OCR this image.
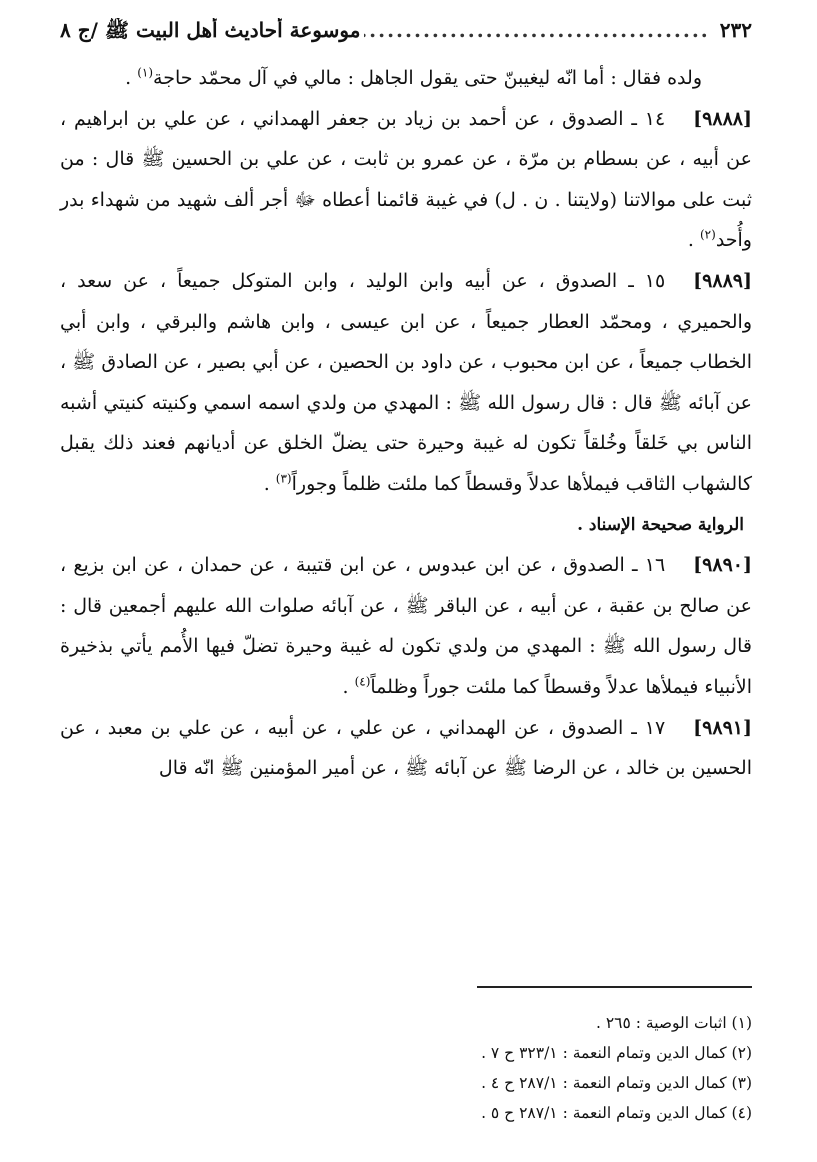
٢٣٢
.....
موسوعة أحاديث أهل البيت ﷺ /ج ٨

ولده فقال : أما انّه ليغيبنّ حتى يقول الجاهل : مالي في آل محمّد حاجة$^{(١)}$ .

[٩٨٨٨]١٤ ـ الصدوق ، عن أحمد بن زياد بن جعفر الهمداني ، عن علي بن ابراهيم ، عن أبيه ، عن بسطام بن مرّة ، عن عمرو بن ثابت ، عن علي بن الحسين ﷺ قال : من ثبت على موالاتنا (ولايتنا . ن . ل) في غيبة قائمنا أعطاه ﷻ أجر ألف شهيد من شهداء بدر وأُحد$^{(٢)}$ .

[٩٨٨٩]١٥ ـ الصدوق ، عن أبيه وابن الوليد ، وابن المتوكل جميعاً ، عن سعد ، والحميري ، ومحمّد العطار جميعاً ، عن ابن عيسى ، وابن هاشم والبرقي ، وابن أبي الخطاب جميعاً ، عن ابن محبوب ، عن داود بن الحصين ، عن أبي بصير ، عن الصادق ﷺ ، عن آبائه ﷺ قال : قال رسول الله ﷺ : المهدي من ولدي اسمه اسمي وكنيته كنيتي أشبه الناس بي خَلقاً وخُلقاً تكون له غيبة وحيرة حتى يضلّ الخلق عن أديانهم فعند ذلك يقبل كالشهاب الثاقب فيملأها عدلاً وقسطاً كما ملئت ظلماً وجوراً$^{(٣)}$ .

الرواية صحيحة الإسناد .

[٩٨٩٠]١٦ ـ الصدوق ، عن ابن عبدوس ، عن ابن قتيبة ، عن حمدان ، عن ابن بزيع ، عن صالح بن عقبة ، عن أبيه ، عن الباقر ﷺ ، عن آبائه صلوات الله عليهم أجمعين قال : قال رسول الله ﷺ : المهدي من ولدي تكون له غيبة وحيرة تضلّ فيها الأُمم يأتي بذخيرة الأنبياء فيملأها عدلاً وقسطاً كما ملئت جوراً وظلماً$^{(٤)}$ .

[٩٨٩١]١٧ ـ الصدوق ، عن الهمداني ، عن علي ، عن أبيه ، عن علي بن معبد ، عن الحسين بن خالد ، عن الرضا ﷺ عن آبائه ﷺ ، عن أمير المؤمنين ﷺ انّه قال

(١) اثبات الوصية : ٢٦٥ .

(٢) كمال الدين وتمام النعمة : ٣٢٣/١ ح ٧ .

(٣) كمال الدين وتمام النعمة : ٢٨٧/١ ح ٤ .

(٤) كمال الدين وتمام النعمة : ٢٨٧/١ ح ٥ .
